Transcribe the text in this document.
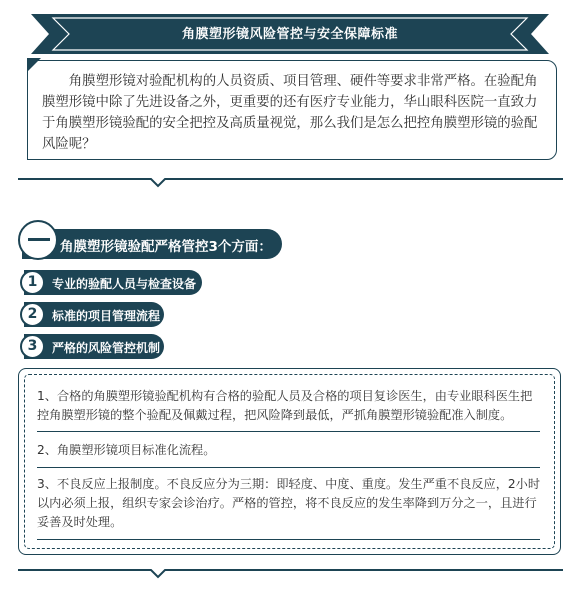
角膜塑形镜风险管控与安全保障标准
角膜塑形镜对验配机构的人员资质、项目管理、硬件等要求非常严格。在验配角膜塑形镜中除了先进设备之外，更重要的还有医疗专业能力，华山眼科医院一直致力于角膜塑形镜验配的安全把控及高质量视觉，那么我们是怎么把控角膜塑形镜的验配风险呢？
角膜塑形镜验配严格管控3个方面：
1	专业的验配人员与检查设备
2	标准的项目管理流程
3	严格的风险管控机制
1、合格的角膜塑形镜验配机构有合格的验配人员及合格的项目复诊医生，由专业眼科医生把控角膜塑形镜的整个验配及佩戴过程，把风险降到最低，严抓角膜塑形镜验配准入制度。
2、角膜塑形镜项目标准化流程。
3、不良反应上报制度。不良反应分为三期：即轻度、中度、重度。发生严重不良反应，2小时以内必须上报，组织专家会诊治疗。严格的管控，将不良反应的发生率降到万分之一，且进行妥善及时处理。
